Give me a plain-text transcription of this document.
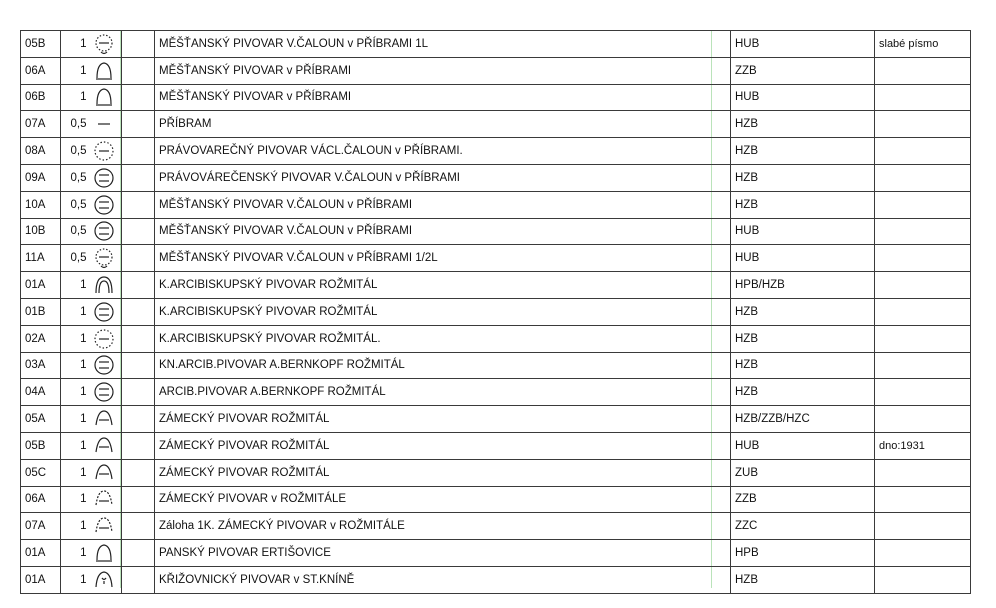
05B	1			MĚŠŤANSKÝ PIVOVAR V.ČALOUN v PŘÍBRAMI 1L	HUB	slabé písmo
06A	1			MĚŠŤANSKÝ PIVOVAR v PŘÍBRAMI	ZZB	
06B	1			MĚŠŤANSKÝ PIVOVAR v PŘÍBRAMI	HUB	
07A	0,5			PŘÍBRAM	HZB	
08A	0,5			PRÁVOVAREČNÝ PIVOVAR VÁCL.ČALOUN v PŘÍBRAMI.	HZB	
09A	0,5			PRÁVOVÁREČENSKÝ PIVOVAR V.ČALOUN v PŘÍBRAMI	HZB	
10A	0,5			MĚŠŤANSKÝ PIVOVAR V.ČALOUN v PŘÍBRAMI	HZB	
10B	0,5			MĚŠŤANSKÝ PIVOVAR V.ČALOUN v PŘÍBRAMI	HUB	
11A	0,5			MĚŠŤANSKÝ PIVOVAR V.ČALOUN v PŘÍBRAMI 1/2L	HUB	
01A	1			K.ARCIBISKUPSKÝ PIVOVAR ROŽMITÁL	HPB/HZB	
01B	1			K.ARCIBISKUPSKÝ PIVOVAR ROŽMITÁL	HZB	
02A	1			K.ARCIBISKUPSKÝ PIVOVAR ROŽMITÁL.	HZB	
03A	1			KN.ARCIB.PIVOVAR A.BERNKOPF ROŽMITÁL	HZB	
04A	1			ARCIB.PIVOVAR A.BERNKOPF ROŽMITÁL	HZB	
05A	1			ZÁMECKÝ PIVOVAR ROŽMITÁL	HZB/ZZB/HZC	
05B	1			ZÁMECKÝ PIVOVAR ROŽMITÁL	HUB	dno:1931
05C	1			ZÁMECKÝ PIVOVAR ROŽMITÁL	ZUB	
06A	1			ZÁMECKÝ PIVOVAR v ROŽMITÁLE	ZZB	
07A	1			Záloha 1K. ZÁMECKÝ PIVOVAR v ROŽMITÁLE	ZZC	
01A	1			PANSKÝ PIVOVAR ERTIŠOVICE	HPB	
01A	1			KŘIŽOVNICKÝ PIVOVAR v ST.KNÍNĚ	HZB	
